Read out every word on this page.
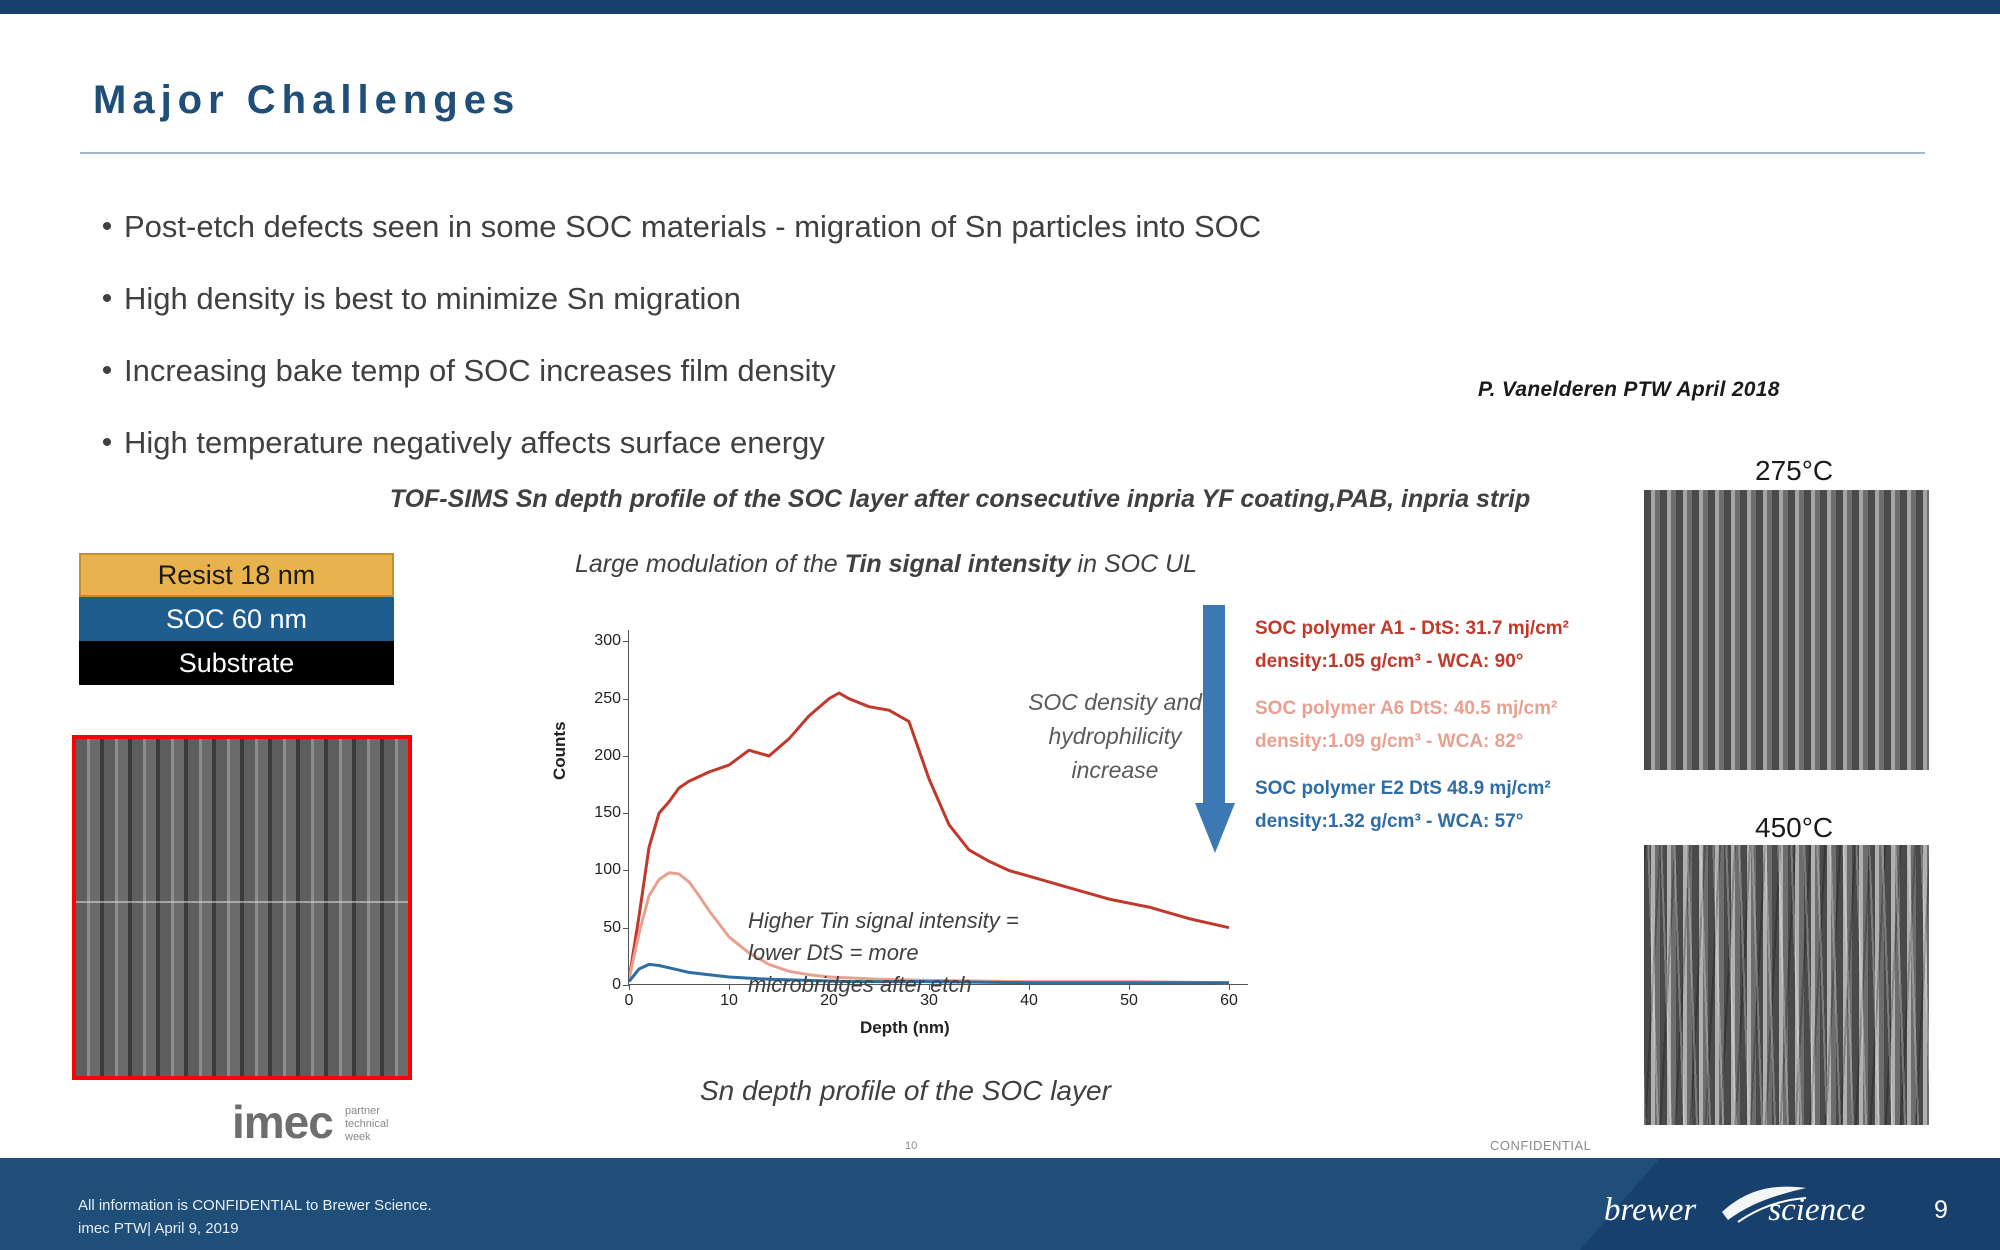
Major Challenges
• Post-etch defects seen in some SOC materials - migration of Sn particles into SOC
• High density is best to minimize Sn migration
• Increasing bake temp of SOC increases film density
• High temperature negatively affects surface energy
P. Vanelderen PTW April 2018
Resist 18 nm
SOC 60 nm
Substrate
TOF-SIMS Sn depth profile of the SOC layer after consecutive inpria YF coating,PAB, inpria strip
Large modulation of the Tin signal intensity in SOC UL
Counts
Depth (nm)
0
50
100
150
200
250
300
0	10	20	30	40	50	60
SOC density and hydrophilicity increase
SOC polymer A1 - DtS: 31.7 mj/cm²
density:1.05 g/cm³ - WCA: 90°
SOC polymer A6 DtS: 40.5 mj/cm²
density:1.09 g/cm³ - WCA: 82°
SOC polymer E2 DtS 48.9 mj/cm²
density:1.32 g/cm³ - WCA: 57°
Higher Tin signal intensity = lower DtS = more microbridges after etch
Sn depth profile of the SOC layer
imec partner
technical
week
10	CONFIDENTIAL
275°C
450°C
All information is CONFIDENTIAL to Brewer Science.
imec PTW| April 9, 2019
brewer science	9
